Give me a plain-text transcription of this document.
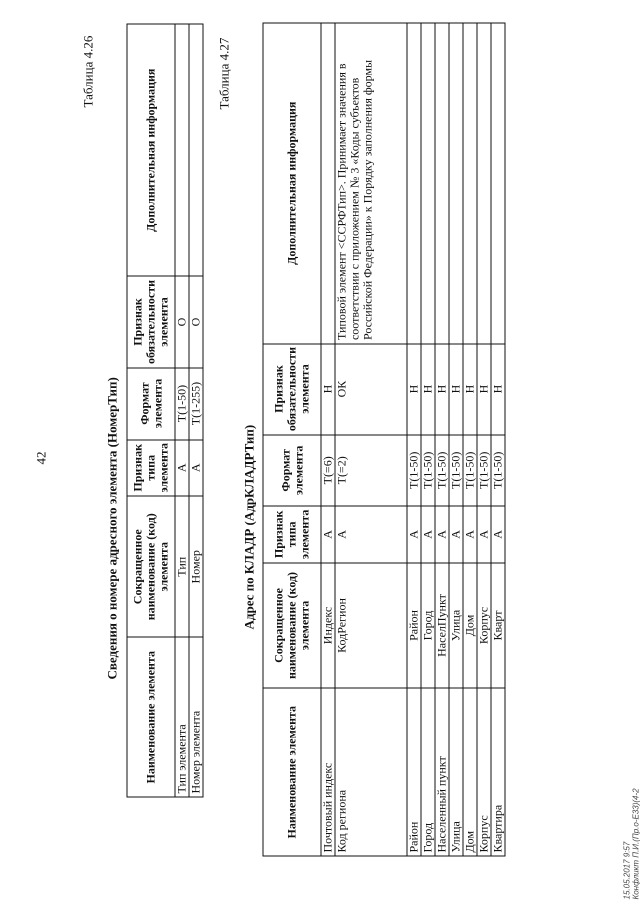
42
Таблица 4.26
Сведения о номере адресного элемента (НомерТип)
Наименование элемента	Сокращенное наименование (код) элемента	Признак типа элемента	Формат элемента	Признак обязательности элемента	Дополнительная информация
Тип элемента	Тип	А	T(1-50)	О	
Номер элемента	Номер	А	T(1-255)	О	
Таблица 4.27
Адрес по КЛАДР (АдрКЛАДРТип)
Наименование элемента	Сокращенное наименование (код) элемента	Признак типа элемента	Формат элемента	Признак обязательности элемента	Дополнительная информация
Почтовый индекс	Индекс	А	T(=6)	Н	
Код региона	КодРегион	А	T(=2)	ОК	Типовой элемент <ССРФТип>. Принимает значения в соответствии с приложением № 3 «Коды субъектов Российской Федерации» к Порядку заполнения формы
Район	Район	А	T(1-50)	Н	
Город	Город	А	T(1-50)	Н	
Населенный пункт	НаселПункт	А	T(1-50)	Н	
Улица	Улица	А	T(1-50)	Н	
Дом	Дом	А	T(1-50)	Н	
Корпус	Корпус	А	T(1-50)	Н	
Квартира	Кварт	А	T(1-50)	Н	
15.05.2017 9:57 Конфликт П.И.(Пр.о-Е33)(4-2
